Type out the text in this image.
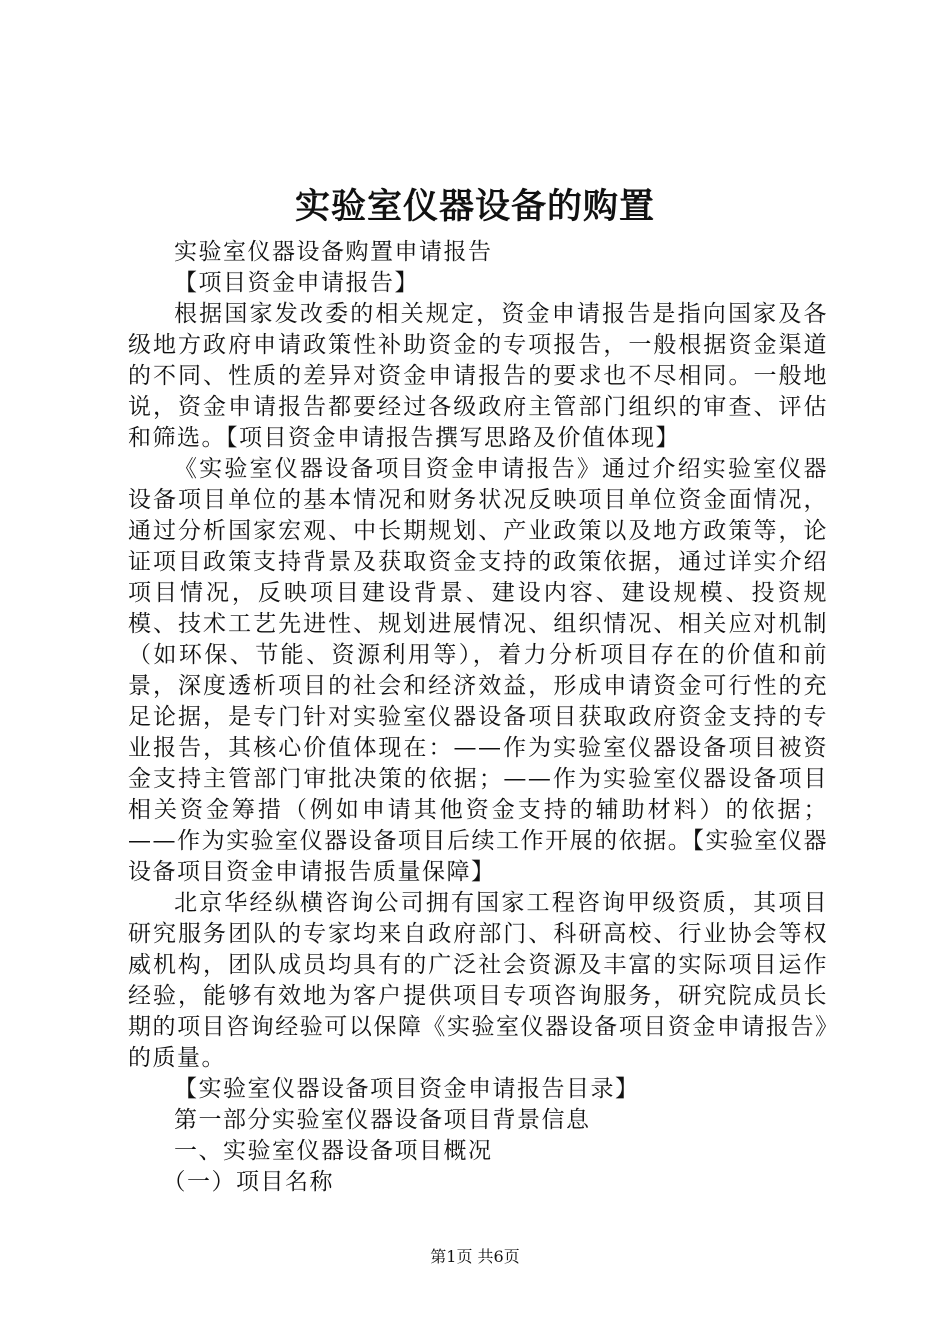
实验室仪器设备的购置

实验室仪器设备购置申请报告

【项目资金申请报告】

根据国家发改委的相关规定，资金申请报告是指向国家及各级地方政府申请政策性补助资金的专项报告，一般根据资金渠道的不同、性质的差异对资金申请报告的要求也不尽相同。一般地说，资金申请报告都要经过各级政府主管部门组织的审查、评估和筛选。【项目资金申请报告撰写思路及价值体现】

《实验室仪器设备项目资金申请报告》通过介绍实验室仪器设备项目单位的基本情况和财务状况反映项目单位资金面情况，通过分析国家宏观、中长期规划、产业政策以及地方政策等，论证项目政策支持背景及获取资金支持的政策依据，通过详实介绍项目情况，反映项目建设背景、建设内容、建设规模、投资规模、技术工艺先进性、规划进展情况、组织情况、相关应对机制（如环保、节能、资源利用等），着力分析项目存在的价值和前景，深度透析项目的社会和经济效益，形成申请资金可行性的充足论据，是专门针对实验室仪器设备项目获取政府资金支持的专业报告，其核心价值体现在：——作为实验室仪器设备项目被资金支持主管部门审批决策的依据；——作为实验室仪器设备项目相关资金筹措（例如申请其他资金支持的辅助材料）的依据；——作为实验室仪器设备项目后续工作开展的依据。【实验室仪器设备项目资金申请报告质量保障】

北京华经纵横咨询公司拥有国家工程咨询甲级资质，其项目研究服务团队的专家均来自政府部门、科研高校、行业协会等权威机构，团队成员均具有的广泛社会资源及丰富的实际项目运作经验，能够有效地为客户提供项目专项咨询服务，研究院成员长期的项目咨询经验可以保障《实验室仪器设备项目资金申请报告》的质量。

【实验室仪器设备项目资金申请报告目录】

第一部分实验室仪器设备项目背景信息

一、实验室仪器设备项目概况

（一）项目名称

第1页 共6页
